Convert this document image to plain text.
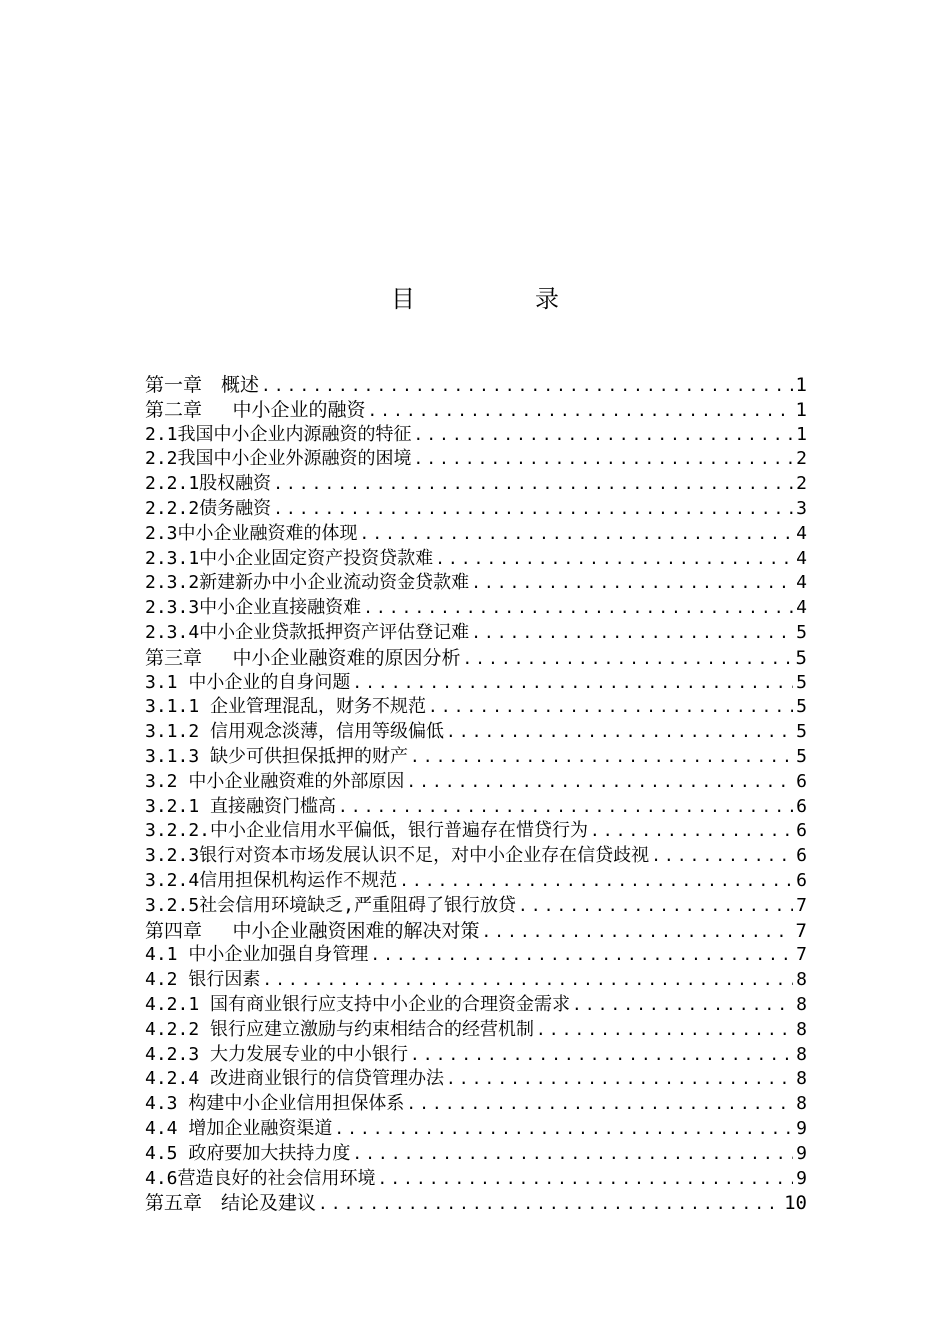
目　录
第一章　概述 .....	1
第二章　 中小企业的融资 .....	1
2.1我国中小企业内源融资的特征 .....	1
2.2我国中小企业外源融资的困境 .....	2
2.2.1股权融资 .....	2
2.2.2债务融资 .....	3
2.3中小企业融资难的体现 .....	4
2.3.1中小企业固定资产投资贷款难 .....	4
2.3.2新建新办中小企业流动资金贷款难 .....	4
2.3.3中小企业直接融资难 .....	4
2.3.4中小企业贷款抵押资产评估登记难 .....	5
第三章　 中小企业融资难的原因分析 .....	5
3.1 中小企业的自身问题 .....	5
3.1.1 企业管理混乱，财务不规范 .....	5
3.1.2 信用观念淡薄，信用等级偏低 .....	5
3.1.3 缺少可供担保抵押的财产 .....	5
3.2 中小企业融资难的外部原因 .....	6
3.2.1 直接融资门槛高 .....	6
3.2.2.中小企业信用水平偏低，银行普遍存在惜贷行为 .....	6
3.2.3银行对资本市场发展认识不足，对中小企业存在信贷歧视 .....	6
3.2.4信用担保机构运作不规范 .....	6
3.2.5社会信用环境缺乏,严重阻碍了银行放贷 .....	7
第四章　 中小企业融资困难的解决对策 .....	7
4.1 中小企业加强自身管理 .....	7
4.2 银行因素 .....	8
4.2.1 国有商业银行应支持中小企业的合理资金需求 .....	8
4.2.2 银行应建立激励与约束相结合的经营机制 .....	8
4.2.3 大力发展专业的中小银行 .....	8
4.2.4 改进商业银行的信贷管理办法 .....	8
4.3 构建中小企业信用担保体系 .....	8
4.4 增加企业融资渠道 .....	9
4.5 政府要加大扶持力度 .....	9
4.6营造良好的社会信用环境 .....	9
第五章　结论及建议 .....	10
